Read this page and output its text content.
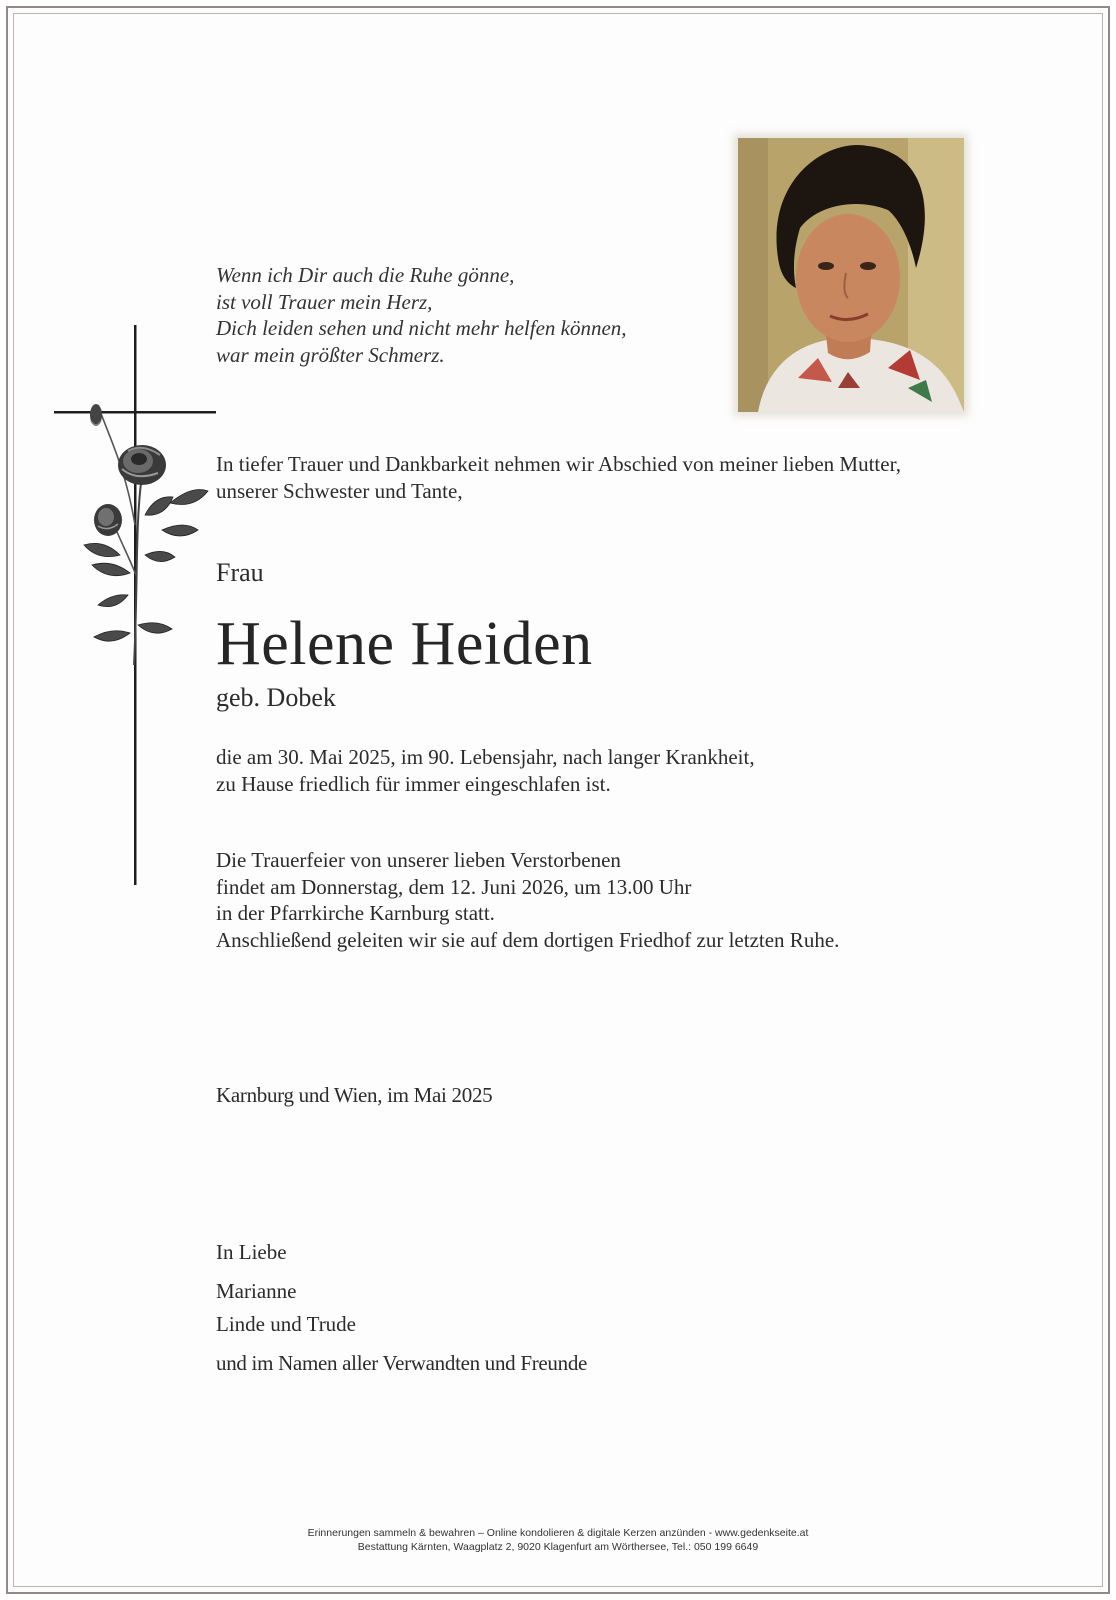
Wenn ich Dir auch die Ruhe gönne,
ist voll Trauer mein Herz,
Dich leiden sehen und nicht mehr helfen können,
war mein größter Schmerz.

In tiefer Trauer und Dankbarkeit nehmen wir Abschied von meiner lieben Mutter,
unserer Schwester und Tante,

Frau

Helene Heiden

geb. Dobek

die am 30. Mai 2025, im 90. Lebensjahr, nach langer Krankheit,
zu Hause friedlich für immer eingeschlafen ist.

Die Trauerfeier von unserer lieben Verstorbenen
findet am Donnerstag, dem 12. Juni 2026, um 13.00 Uhr
in der Pfarrkirche Karnburg statt.
Anschließend geleiten wir sie auf dem dortigen Friedhof zur letzten Ruhe.

Karnburg und Wien, im Mai 2025

In Liebe

Marianne

Linde und Trude

und im Namen aller Verwandten und Freunde

Erinnerungen sammeln & bewahren – Online kondolieren & digitale Kerzen anzünden - www.gedenkseite.at
Bestattung Kärnten, Waagplatz 2, 9020 Klagenfurt am Wörthersee, Tel.: 050 199 6649
